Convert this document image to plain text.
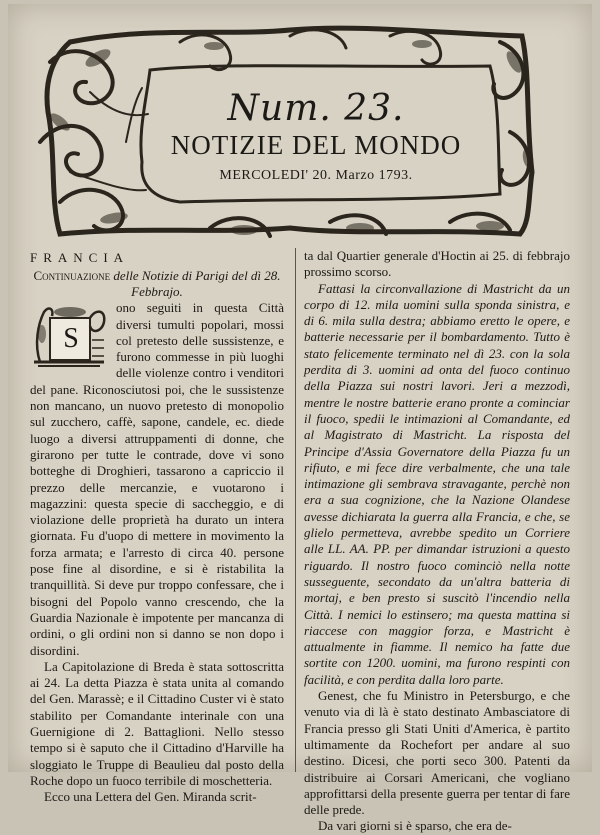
Num. 23.
NOTIZIE DEL MONDO
MERCOLEDI' 20. Marzo 1793.

FRANCIA

Continuazione delle Notizie di Parigi del dì 28. Febbrajo.

S

ono seguiti in questa Città diversi tumulti popolari, mossi col pretesto delle sussistenze, e furono commesse in più luoghi delle violenze contro i venditori del pane. Riconosciutosi poi, che le sussistenze non mancano, un nuovo pretesto di monopolio sul zucchero, caffè, sapone, candele, ec. diede luogo a diversi attruppamenti di donne, che girarono per tutte le contrade, dove vi sono botteghe di Droghieri, tassarono a capriccio il prezzo delle mercanzie, e vuotarono i magazzini: questa specie di saccheggio, e di violazione delle proprietà ha durato un intera giornata. Fu d'uopo di mettere in movimento la forza armata; e l'arresto di circa 40. persone pose fine al disordine, e si è ristabilita la tranquillità. Si deve pur troppo confessare, che i bisogni del Popolo vanno crescendo, che la Guardia Nazionale è impotente per mancanza di ordini, o gli ordini non si danno se non dopo i disordini.

La Capitolazione di Breda è stata sottoscritta ai 24. La detta Piazza è stata unita al comando del Gen. Marassè; e il Cittadino Custer vi è stato stabilito per Comandante interinale con una Guernigione di 2. Battaglioni. Nello stesso tempo si è saputo che il Cittadino d'Harville ha sloggiato le Truppe di Beaulieu dal posto della Roche dopo un fuoco terribile di moschetteria.

Ecco una Lettera del Gen. Miranda scrit-

ta dal Quartier generale d'Hoctin ai 25. di febbrajo prossimo scorso.

Fattasi la circonvallazione di Mastricht da un corpo di 12. mila uomini sulla sponda sinistra, e di 6. mila sulla destra; abbiamo eretto le opere, e batterie necessarie per il bombardamento. Tutto è stato felicemente terminato nel dì 23. con la sola perdita di 3. uomini ad onta del fuoco continuo della Piazza sui nostri lavori. Jeri a mezzodì, mentre le nostre batterie erano pronte a cominciar il fuoco, spedii le intimazioni al Comandante, ed al Magistrato di Mastricht. La risposta del Principe d'Assia Governatore della Piazza fu un rifiuto, e mi fece dire verbalmente, che una tale intimazione gli sembrava stravagante, perchè non era a sua cognizione, che la Nazione Olandese avesse dichiarata la guerra alla Francia, e che, se glielo permetteva, avrebbe spedito un Corriere alle LL. AA. PP. per dimandar istruzioni a questo riguardo. Il nostro fuoco cominciò nella notte susseguente, secondato da un'altra batteria di mortaj, e ben presto si suscitò l'incendio nella Città. I nemici lo estinsero; ma questa mattina si riaccese con maggior forza, e Mastricht è attualmente in fiamme. Il nemico ha fatte due sortite con 1200. uomini, ma furono respinti con facilità, e con perdita dalla loro parte.

Genest, che fu Ministro in Petersburgo, e che venuto via di là è stato destinato Ambasciatore di Francia presso gli Stati Uniti d'America, è partito ultimamente da Rochefort per andare al suo destino. Dicesi, che porti seco 300. Patenti da distribuire ai Corsari Americani, che vogliano approfittarsi della presente guerra per tentar di fare delle prede.

Da vari giorni si è sparso, che era de-
